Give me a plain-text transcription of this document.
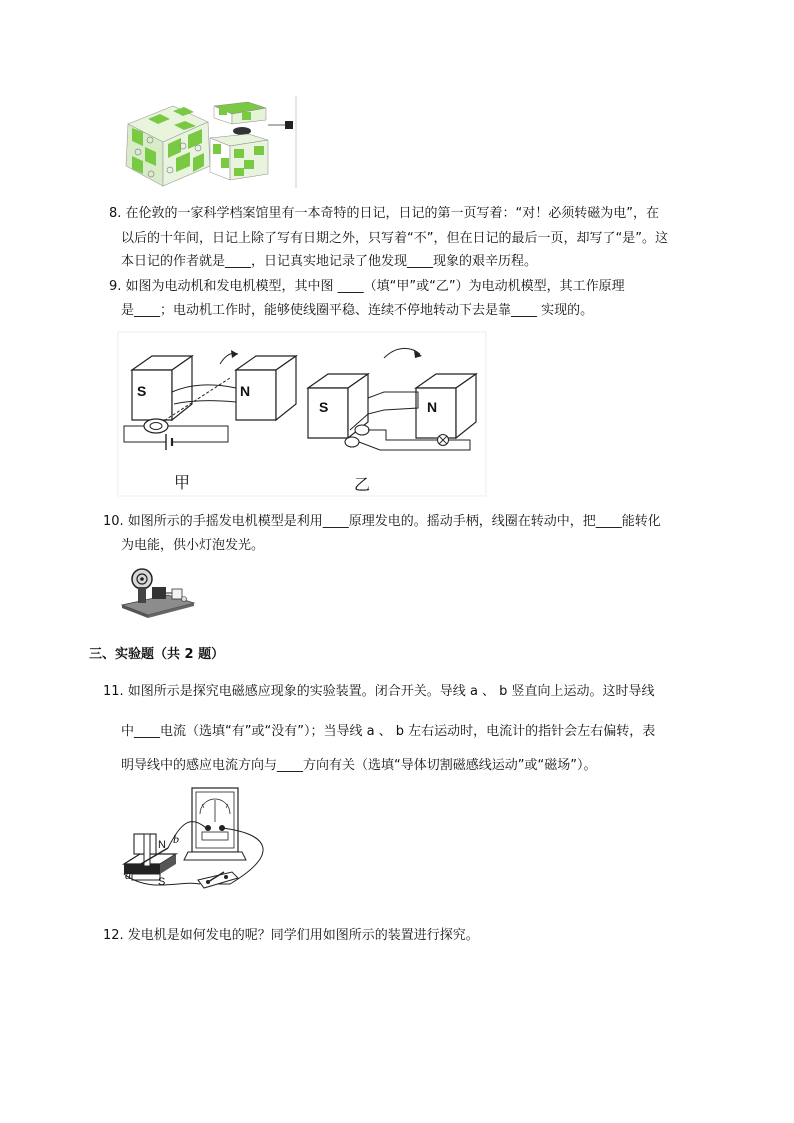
8. 在伦敦的一家科学档案馆里有一本奇特的日记，日记的第一页写着：“对！必须转磁为电”，在
以后的十年间，日记上除了写有日期之外，只写着“不”，但在日记的最后一页，却写了“是”。这
本日记的作者就是____，日记真实地记录了他发现____现象的艰辛历程。
9. 如图为电动机和发电机模型，其中图 ____（填“甲”或“乙”）为电动机模型，其工作原理
是____；电动机工作时，能够使线圈平稳、连续不停地转动下去是靠____ 实现的。
S	N
S	N
甲	乙
10. 如图所示的手摇发电机模型是利用____原理发电的。摇动手柄，线圈在转动中，把____能转化
为电能，供小灯泡发光。
三、实验题（共 2 题）
11. 如图所示是探究电磁感应现象的实验装置。闭合开关。导线 a 、 b 竖直向上运动。这时导线
中____电流（选填“有”或“没有”）；当导线 a 、 b 左右运动时，电流计的指针会左右偏转，表
明导线中的感应电流方向与____方向有关（选填“导体切割磁感线运动”或“磁场”）。
N
S
a
b
12. 发电机是如何发电的呢？同学们用如图所示的装置进行探究。
